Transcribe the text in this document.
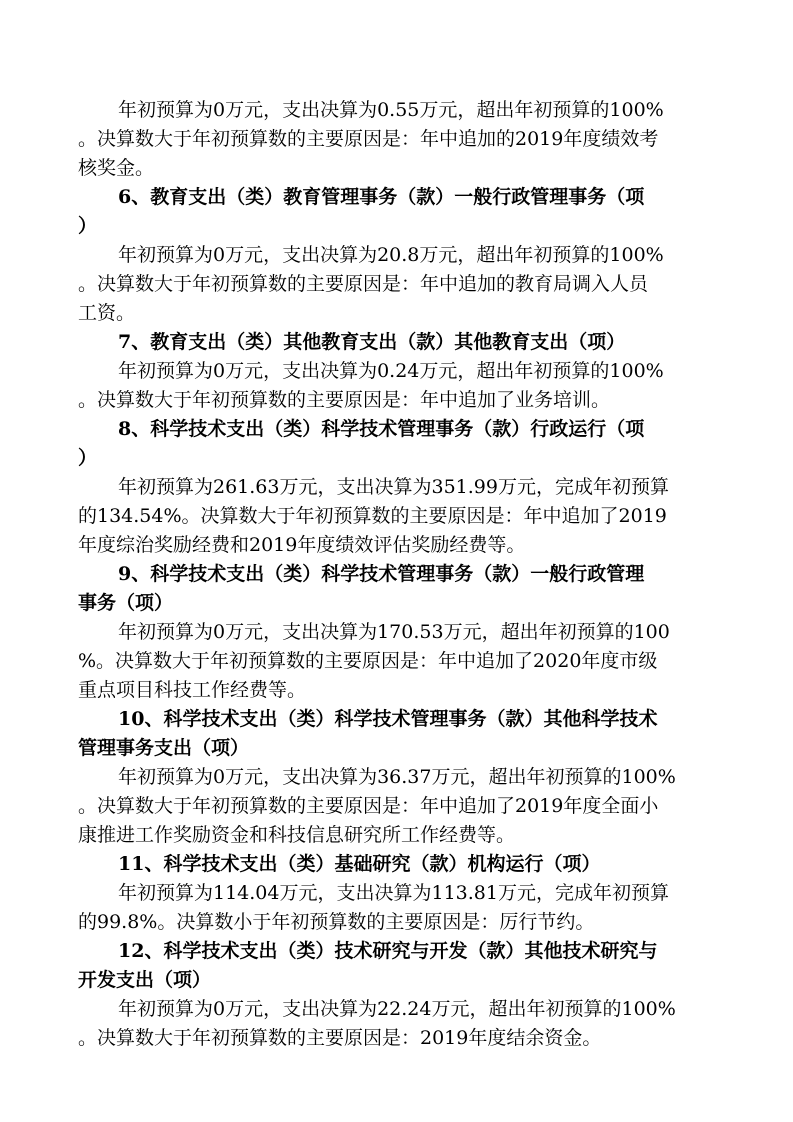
年初预算为0万元，支出决算为0.55万元，超出年初预算的100%
。决算数大于年初预算数的主要原因是：年中追加的2019年度绩效考
核奖金。
6、教育支出（类）教育管理事务（款）一般行政管理事务（项
）
年初预算为0万元，支出决算为20.8万元，超出年初预算的100%
。决算数大于年初预算数的主要原因是：年中追加的教育局调入人员
工资。
7、教育支出（类）其他教育支出（款）其他教育支出（项）
年初预算为0万元，支出决算为0.24万元，超出年初预算的100%
。决算数大于年初预算数的主要原因是：年中追加了业务培训。
8、科学技术支出（类）科学技术管理事务（款）行政运行（项
）
年初预算为261.63万元，支出决算为351.99万元，完成年初预算
的134.54%。决算数大于年初预算数的主要原因是：年中追加了2019
年度综治奖励经费和2019年度绩效评估奖励经费等。
9、科学技术支出（类）科学技术管理事务（款）一般行政管理
事务（项）
年初预算为0万元，支出决算为170.53万元，超出年初预算的100
%。决算数大于年初预算数的主要原因是：年中追加了2020年度市级
重点项目科技工作经费等。
10、科学技术支出（类）科学技术管理事务（款）其他科学技术
管理事务支出（项）
年初预算为0万元，支出决算为36.37万元，超出年初预算的100%
。决算数大于年初预算数的主要原因是：年中追加了2019年度全面小
康推进工作奖励资金和科技信息研究所工作经费等。
11、科学技术支出（类）基础研究（款）机构运行（项）
年初预算为114.04万元，支出决算为113.81万元，完成年初预算
的99.8%。决算数小于年初预算数的主要原因是：厉行节约。
12、科学技术支出（类）技术研究与开发（款）其他技术研究与
开发支出（项）
年初预算为0万元，支出决算为22.24万元，超出年初预算的100%
。决算数大于年初预算数的主要原因是：2019年度结余资金。
